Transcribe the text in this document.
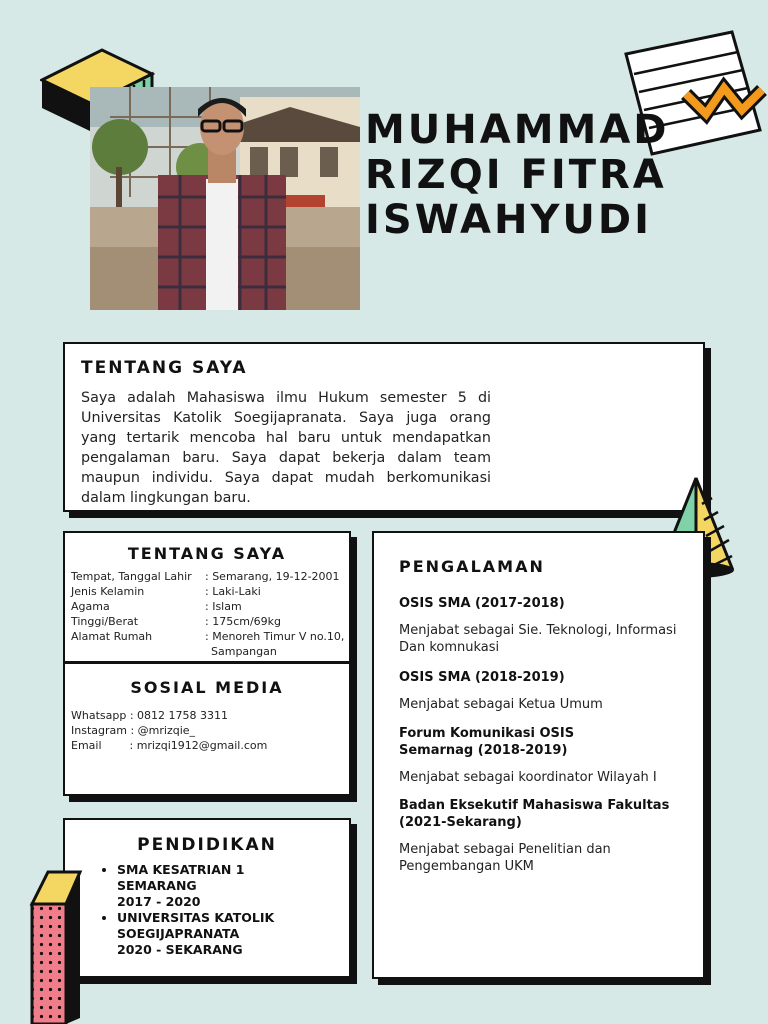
MUHAMMAD
RIZQI FITRA
ISWAHYUDI
TENTANG SAYA

Saya adalah Mahasiswa ilmu Hukum semester 5 di Universitas Katolik Soegijapranata. Saya juga orang yang tertarik mencoba hal baru untuk mendapatkan pengalaman baru. Saya dapat bekerja dalam team maupun individu. Saya dapat mudah berkomunikasi dalam lingkungan baru.

TENTANG SAYA
Tempat, Tanggal Lahir	: Semarang, 19-12-2001
Jenis Kelamin	: Laki-Laki
Agama	: Islam
Tinggi/Berat	: 175cm/69kg
Alamat Rumah	: Menoreh Timur V no.10,
Sampangan
SOSIAL MEDIA
Whatsapp : 0812 1758 3311
Instagram : @mrizqie_
Email        : mrizqi1912@gmail.com
PENDIDIKAN
• SMA KESATRIAN 1
SEMARANG
2017 - 2020
• UNIVERSITAS KATOLIK
SOEGIJAPRANATA
2020 - SEKARANG
PENGALAMAN
OSIS SMA (2017-2018)
Menjabat sebagai Sie. Teknologi, Informasi Dan komnukasi
OSIS SMA (2018-2019)
Menjabat sebagai Ketua Umum
Forum Komunikasi OSIS Semarnag (2018-2019)
Menjabat sebagai koordinator Wilayah I
Badan Eksekutif Mahasiswa Fakultas (2021-Sekarang)
Menjabat sebagai Penelitian dan Pengembangan UKM
